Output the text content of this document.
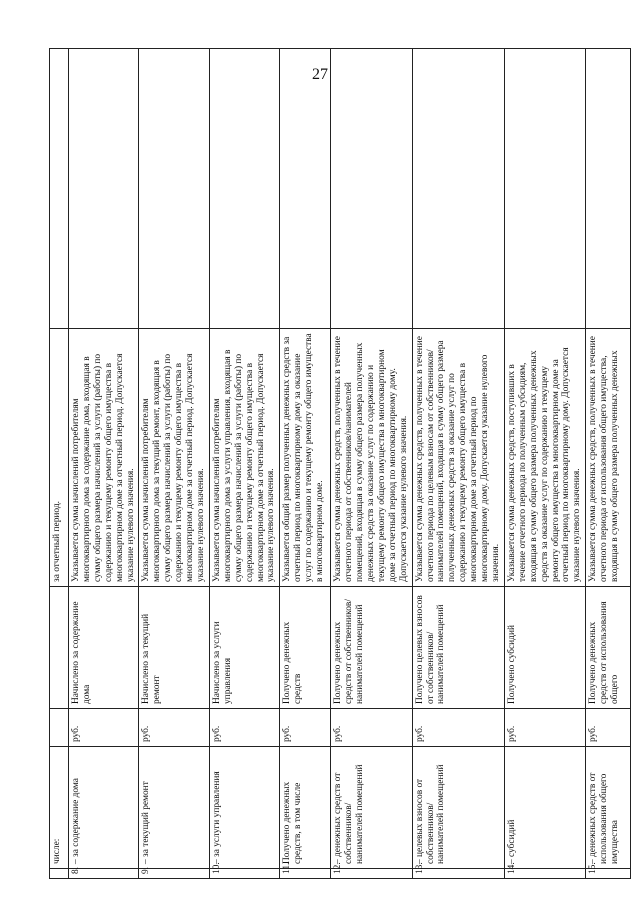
27
	числе:			за отчетный период.	
8.	– за содержание дома	руб.	Начислено за содержание дома	Указывается сумма начислений потребителям многоквартирного дома за содержание дома, входящая в сумму общего размера начислений за услуги (работы) по содержанию и текущему ремонту общего имущества в многоквартирном доме за отчетный период. Допускается указание нулевого значения.	
9.	– за текущий ремонт	руб.	Начислено за текущий ремонт	Указывается сумма начислений потребителям многоквартирного дома за текущий ремонт, входящая в сумму общего размера начислений за услуги (работы) по содержанию и текущему ремонту общего имущества в многоквартирном доме за отчетный период. Допускается указание нулевого значения.	
10.	– за услуги управления	руб.	Начислено за услуги управления	Указывается сумма начислений потребителям многоквартирного дома за услуги управления, входящая в сумму общего размера начислений за услуги (работы) по содержанию и текущему ремонту общего имущества в многоквартирном доме за отчетный период. Допускается указание нулевого значения.	
11.	Получено денежных средств, в том числе	руб.	Получено денежных средств	Указывается общий размер полученных денежных средств за отчетный период по многоквартирному дому за оказание услуг по содержанию и текущему ремонту общего имущества в многоквартирном доме.	
12.	– денежных средств от собственников/ нанимателей помещений	руб.	Получено денежных средств от собственников/нанимателей помещений	Указывается сумма денежных средств, полученных в течение отчетного периода от собственников/нанимателей помещений, входящая в сумму общего размера полученных денежных средств за оказание услуг по содержанию и текущему ремонту общего имущества в многоквартирном доме за отчетный период по многоквартирному дому. Допускается указание нулевого значения.	
13.	– целевых взносов от собственников/ нанимателей помещений	руб.	Получено целевых взносов от собственников/нанимателей помещений	Указывается сумма денежных средств, полученных в течение отчетного периода по целевым взносам от собственников/ нанимателей помещений, входящая в сумму общего размера полученных денежных средств за оказание услуг по содержанию и текущему ремонту общего имущества в многоквартирном доме за отчетный период по многоквартирному дому. Допускается указание нулевого значения.	
14.	– субсидий	руб.	Получено субсидий	Указывается сумма денежных средств, поступивших в течение отчетного периода по полученным субсидиям, входящая в сумму общего размера полученных денежных средств за оказание услуг по содержанию и текущему ремонту общего имущества в многоквартирном доме за отчетный период по многоквартирному дому. Допускается указание нулевого значения.	
15.	– денежных средств от использования общего имущества	руб.	Получено денежных средств от использования общего	Указывается сумма денежных средств, полученных в течение отчетного периода от использования общего имущества, входящая в сумму общего размера полученных денежных	
